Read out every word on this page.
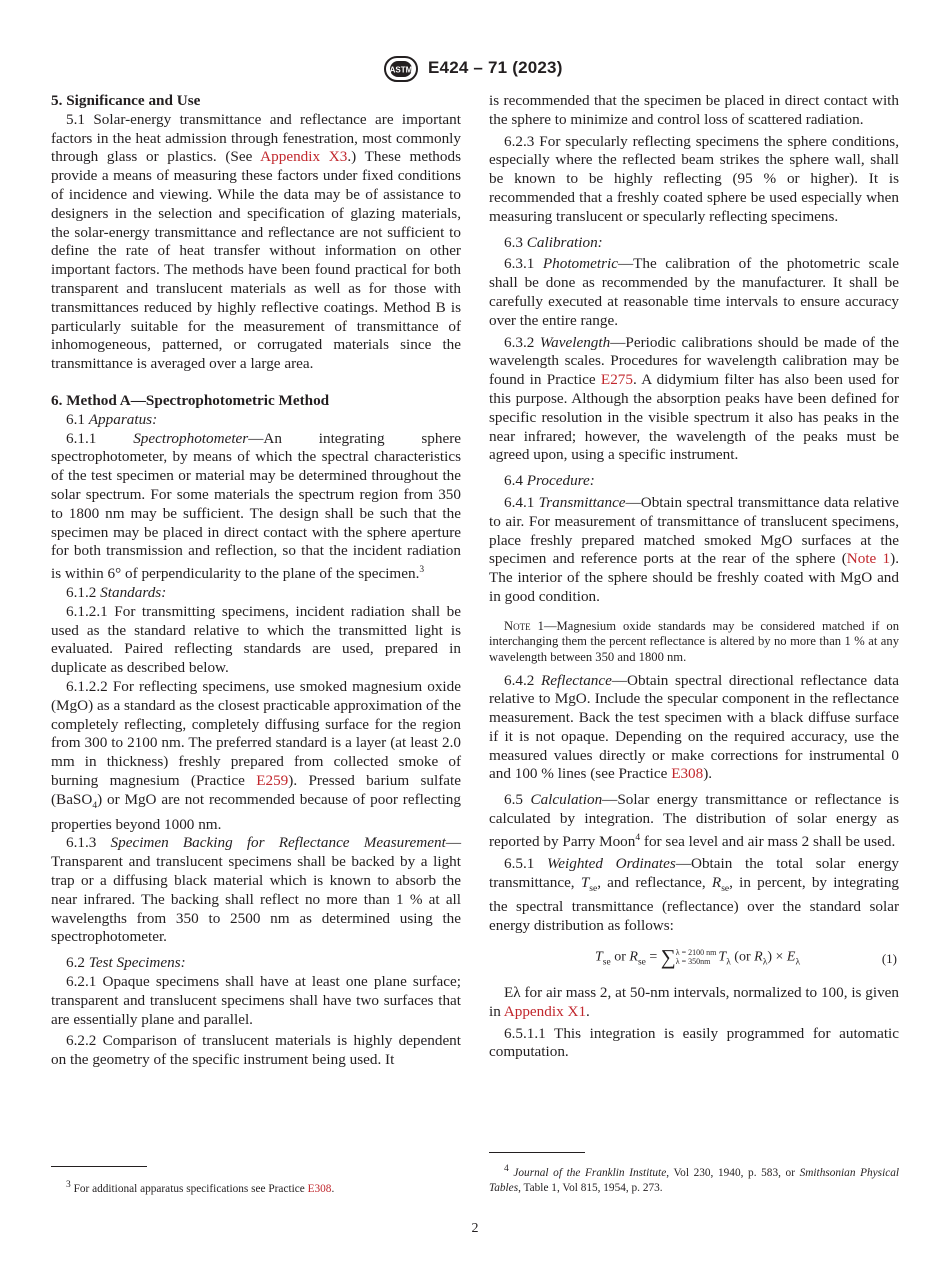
ASTM E424 – 71 (2023)

5. Significance and Use

5.1 Solar-energy transmittance and reflectance are important factors in the heat admission through fenestration, most commonly through glass or plastics. (See Appendix X3.) These methods provide a means of measuring these factors under fixed conditions of incidence and viewing. While the data may be of assistance to designers in the selection and specification of glazing materials, the solar-energy transmittance and reflectance are not sufficient to define the rate of heat transfer without information on other important factors. The methods have been found practical for both transparent and translucent materials as well as for those with transmittances reduced by highly reflective coatings. Method B is particularly suitable for the measurement of transmittance of inhomogeneous, patterned, or corrugated materials since the transmittance is averaged over a large area.

6. Method A—Spectrophotometric Method

6.1 Apparatus:

6.1.1 Spectrophotometer—An integrating sphere spectrophotometer, by means of which the spectral characteristics of the test specimen or material may be determined throughout the solar spectrum. For some materials the spectrum region from 350 to 1800 nm may be sufficient. The design shall be such that the specimen may be placed in direct contact with the sphere aperture for both transmission and reflection, so that the incident radiation is within 6° of perpendicularity to the plane of the specimen.$^3$

6.1.2 Standards:

6.1.2.1 For transmitting specimens, incident radiation shall be used as the standard relative to which the transmitted light is evaluated. Paired reflecting standards are used, prepared in duplicate as described below.

6.1.2.2 For reflecting specimens, use smoked magnesium oxide (MgO) as a standard as the closest practicable approximation of the completely reflecting, completely diffusing surface for the region from 300 to 2100 nm. The preferred standard is a layer (at least 2.0 mm in thickness) freshly prepared from collected smoke of burning magnesium (Practice E259). Pressed barium sulfate (BaSO$_4$) or MgO are not recommended because of poor reflecting properties beyond 1000 nm.

6.1.3 Specimen Backing for Reflectance Measurement—Transparent and translucent specimens shall be backed by a light trap or a diffusing black material which is known to absorb the near infrared. The backing shall reflect no more than 1 % at all wavelengths from 350 to 2500 nm as determined using the spectrophotometer.

6.2 Test Specimens:

6.2.1 Opaque specimens shall have at least one plane surface; transparent and translucent specimens shall have two surfaces that are essentially plane and parallel.

6.2.2 Comparison of translucent materials is highly dependent on the geometry of the specific instrument being used. It

$^3$ For additional apparatus specifications see Practice E308.

is recommended that the specimen be placed in direct contact with the sphere to minimize and control loss of scattered radiation.

6.2.3 For specularly reflecting specimens the sphere conditions, especially where the reflected beam strikes the sphere wall, shall be known to be highly reflecting (95 % or higher). It is recommended that a freshly coated sphere be used especially when measuring translucent or specularly reflecting specimens.

6.3 Calibration:

6.3.1 Photometric—The calibration of the photometric scale shall be done as recommended by the manufacturer. It shall be carefully executed at reasonable time intervals to ensure accuracy over the entire range.

6.3.2 Wavelength—Periodic calibrations should be made of the wavelength scales. Procedures for wavelength calibration may be found in Practice E275. A didymium filter has also been used for this purpose. Although the absorption peaks have been defined for specific resolution in the visible spectrum it also has peaks in the near infrared; however, the wavelength of the peaks must be agreed upon, using a specific instrument.

6.4 Procedure:

6.4.1 Transmittance—Obtain spectral transmittance data relative to air. For measurement of transmittance of translucent specimens, place freshly prepared matched smoked MgO surfaces at the specimen and reference ports at the rear of the sphere (Note 1). The interior of the sphere should be freshly coated with MgO and in good condition.

Note 1—Magnesium oxide standards may be considered matched if on interchanging them the percent reflectance is altered by no more than 1 % at any wavelength between 350 and 1800 nm.

6.4.2 Reflectance—Obtain spectral directional reflectance data relative to MgO. Include the specular component in the reflectance measurement. Back the test specimen with a black diffuse surface if it is not opaque. Depending on the required accuracy, use the measured values directly or make corrections for instrumental 0 and 100 % lines (see Practice E308).

6.5 Calculation—Solar energy transmittance or reflectance is calculated by integration. The distribution of solar energy as reported by Parry Moon$^4$ for sea level and air mass 2 shall be used.

6.5.1 Weighted Ordinates—Obtain the total solar energy transmittance, $T_{se}$, and reflectance, $R_{se}$, in percent, by integrating the spectral transmittance (reflectance) over the standard solar energy distribution as follows:

$T_{se}$ or $R_{se} = \sum\lambda = 2100$ nm
λ = 350nm $T_\lambda$ (or $R_\lambda) \times E_\lambda$	(1)

Eλ for air mass 2, at 50-nm intervals, normalized to 100, is given in Appendix X1.

6.5.1.1 This integration is easily programmed for automatic computation.

$^4$ Journal of the Franklin Institute, Vol 230, 1940, p. 583, or Smithsonian Physical Tables, Table 1, Vol 815, 1954, p. 273.
2
